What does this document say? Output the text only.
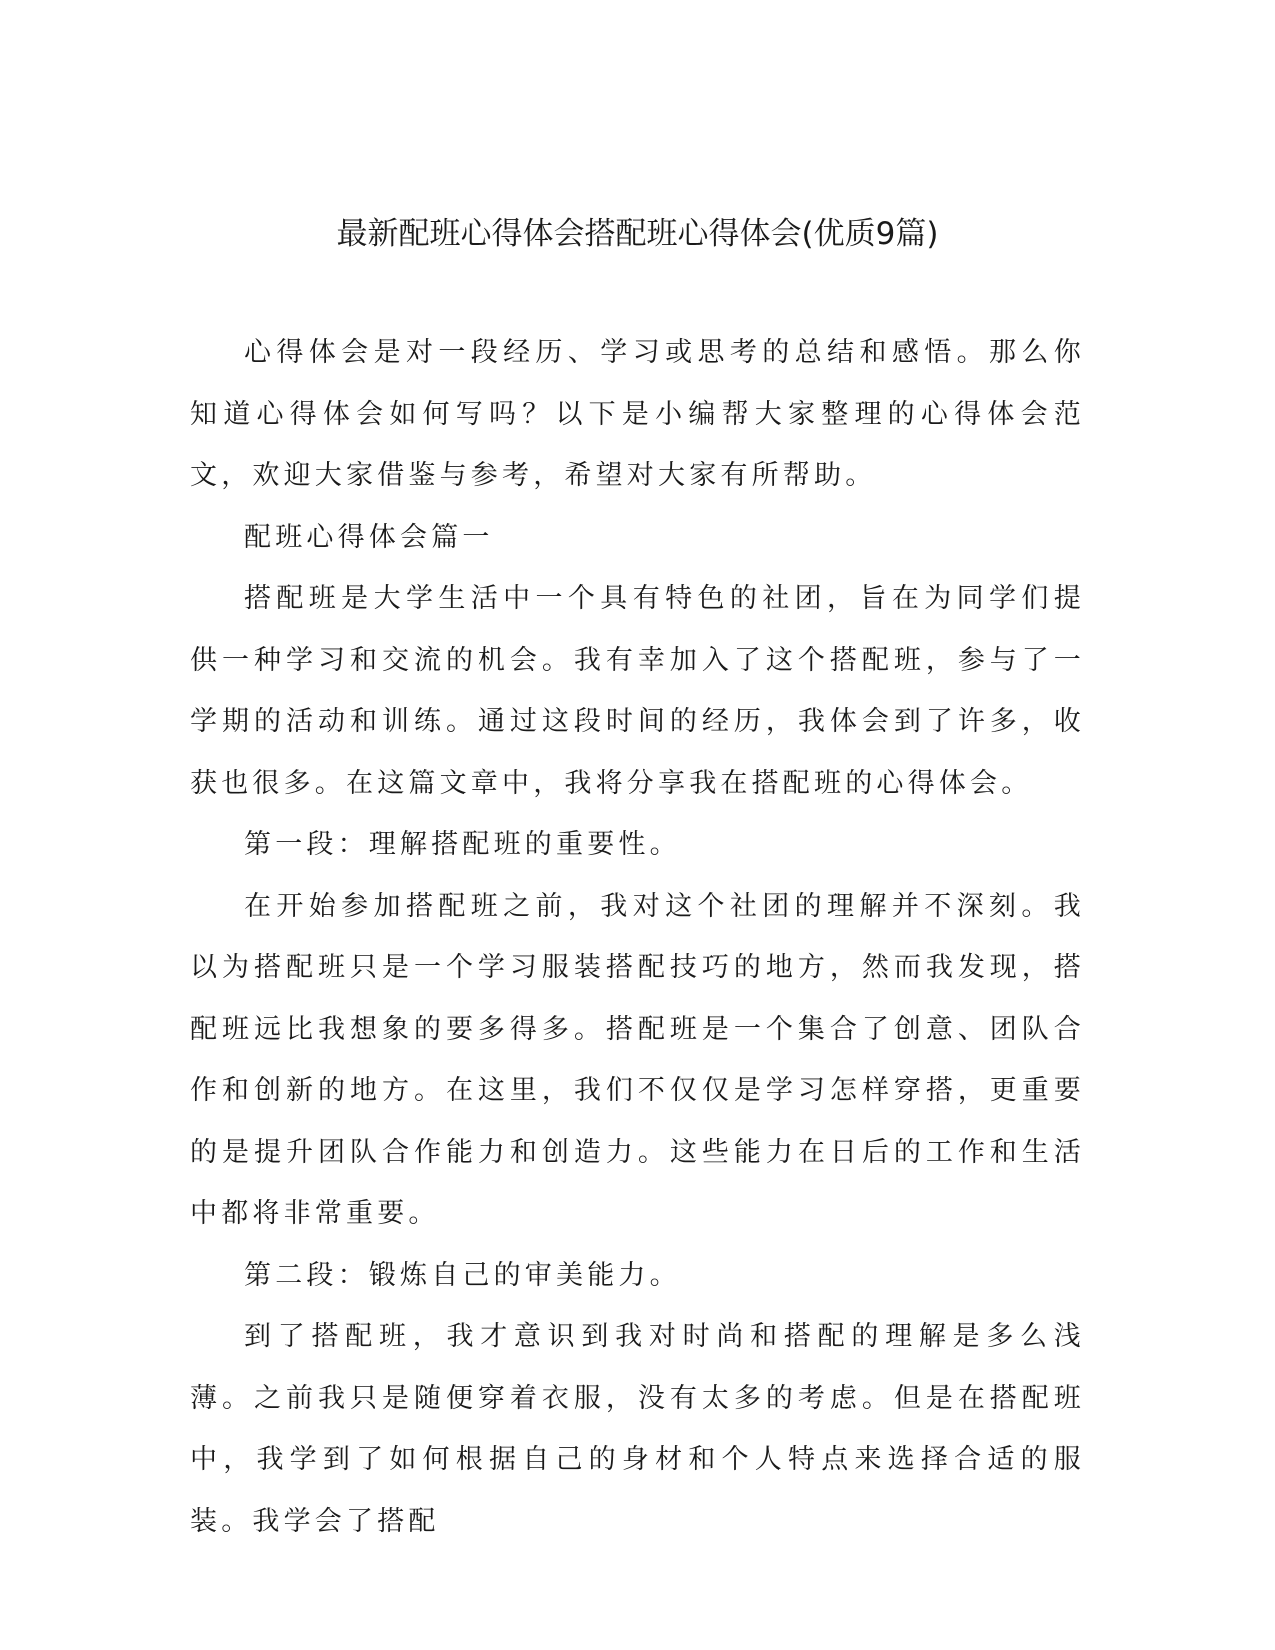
最新配班心得体会搭配班心得体会(优质9篇)

心得体会是对一段经历、学习或思考的总结和感悟。那么你知道心得体会如何写吗？以下是小编帮大家整理的心得体会范文，欢迎大家借鉴与参考，希望对大家有所帮助。

配班心得体会篇一

搭配班是大学生活中一个具有特色的社团，旨在为同学们提供一种学习和交流的机会。我有幸加入了这个搭配班，参与了一学期的活动和训练。通过这段时间的经历，我体会到了许多，收获也很多。在这篇文章中，我将分享我在搭配班的心得体会。

第一段：理解搭配班的重要性。

在开始参加搭配班之前，我对这个社团的理解并不深刻。我以为搭配班只是一个学习服装搭配技巧的地方，然而我发现，搭配班远比我想象的要多得多。搭配班是一个集合了创意、团队合作和创新的地方。在这里，我们不仅仅是学习怎样穿搭，更重要的是提升团队合作能力和创造力。这些能力在日后的工作和生活中都将非常重要。

第二段：锻炼自己的审美能力。

到了搭配班，我才意识到我对时尚和搭配的理解是多么浅薄。之前我只是随便穿着衣服，没有太多的考虑。但是在搭配班中，我学到了如何根据自己的身材和个人特点来选择合适的服装。我学会了搭配
